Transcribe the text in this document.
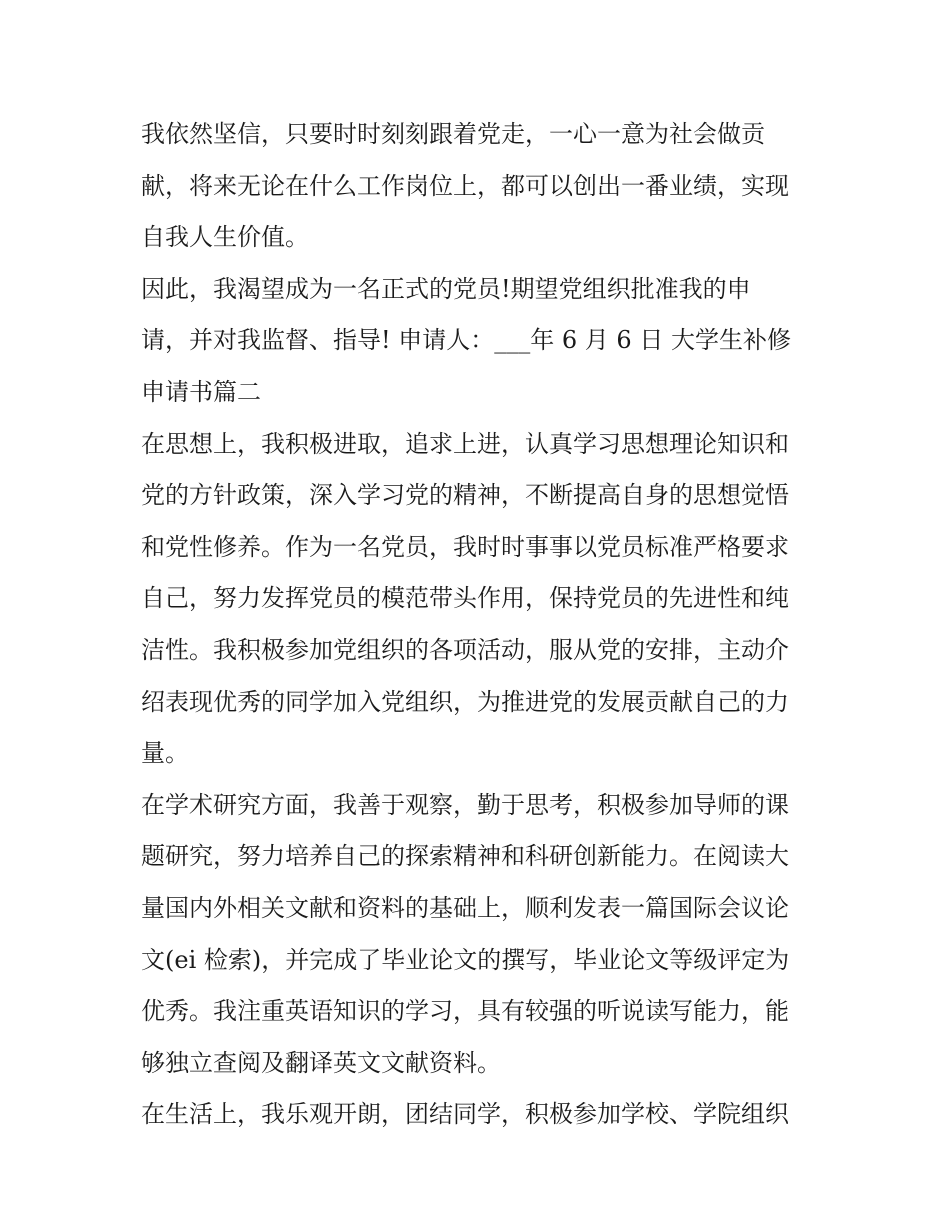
我依然坚信，只要时时刻刻跟着党走，一心一意为社会做贡
献，将来无论在什么工作岗位上，都可以创出一番业绩，实现
自我人生价值。
因此，我渴望成为一名正式的党员!期望党组织批准我的申
请，并对我监督、指导! 申请人：___年 6 月 6 日 大学生补修
申请书篇二
在思想上，我积极进取，追求上进，认真学习思想理论知识和
党的方针政策，深入学习党的精神，不断提高自身的思想觉悟
和党性修养。作为一名党员，我时时事事以党员标准严格要求
自己，努力发挥党员的模范带头作用，保持党员的先进性和纯
洁性。我积极参加党组织的各项活动，服从党的安排，主动介
绍表现优秀的同学加入党组织，为推进党的发展贡献自己的力
量。
在学术研究方面，我善于观察，勤于思考，积极参加导师的课
题研究，努力培养自己的探索精神和科研创新能力。在阅读大
量国内外相关文献和资料的基础上，顺利发表一篇国际会议论
文(ei 检索)，并完成了毕业论文的撰写，毕业论文等级评定为
优秀。我注重英语知识的学习，具有较强的听说读写能力，能
够独立查阅及翻译英文文献资料。
在生活上，我乐观开朗，团结同学，积极参加学校、学院组织
